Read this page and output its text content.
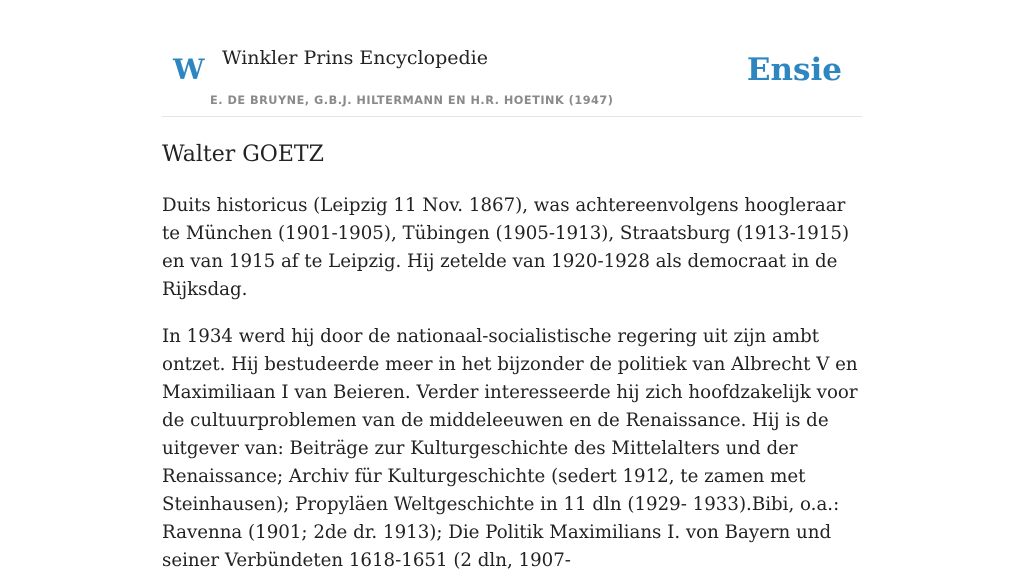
W Winkler Prins Encyclopedie
E. DE BRUYNE, G.B.J. HILTERMANN EN H.R. HOETINK (1947)
Ensie
Walter GOETZ

Duits historicus (Leipzig 11 Nov. 1867), was achtereenvolgens hoogleraar te München (1901-1905), Tübingen (1905-1913), Straatsburg (1913-1915) en van 1915 af te Leipzig. Hij zetelde van 1920-1928 als democraat in de Rijksdag.

In 1934 werd hij door de nationaal-socialistische regering uit zijn ambt ontzet. Hij bestudeerde meer in het bijzonder de politiek van Albrecht V en Maximiliaan I van Beieren. Verder interesseerde hij zich hoofdzakelijk voor de cultuurproblemen van de middeleeuwen en de Renaissance. Hij is de uitgever van: Beiträge zur Kulturgeschichte des Mittelalters und der Renaissance; Archiv für Kulturgeschichte (sedert 1912, te zamen met Steinhausen); Propyläen Weltgeschichte in 11 dln (1929- 1933).Bibi, o.a.: Ravenna (1901; 2de dr. 1913); Die Politik Maximilians I. von Bayern und seiner Verbündeten 1618-1651 (2 dln, 1907-
